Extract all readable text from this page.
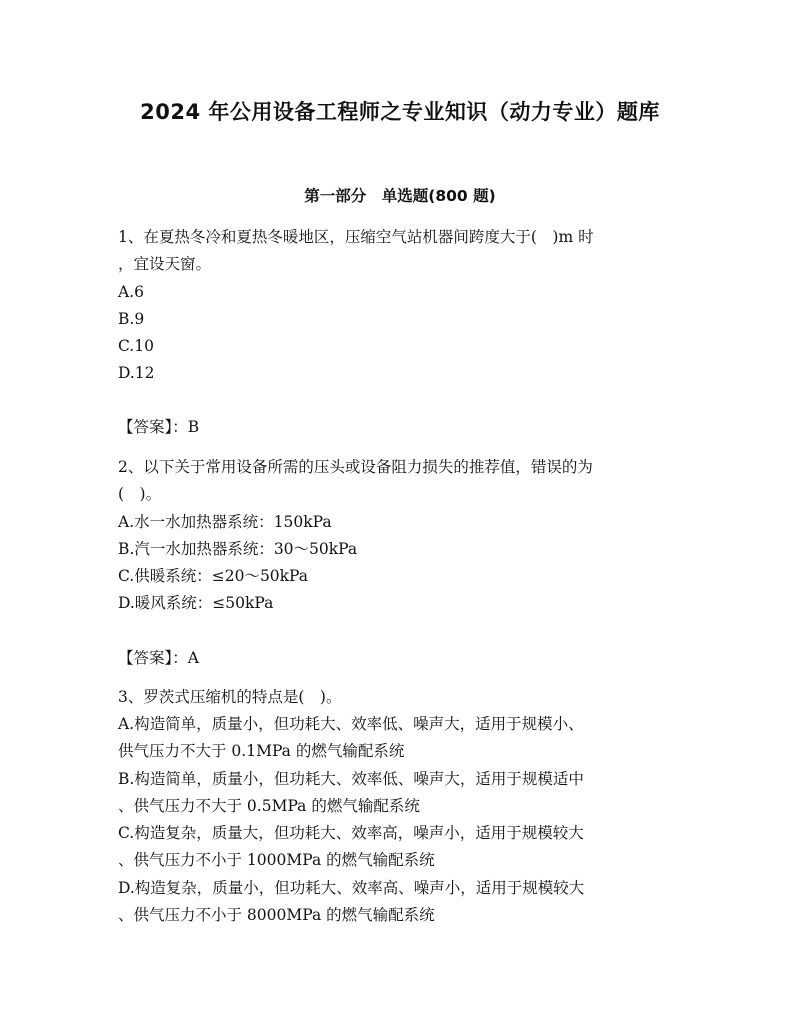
2024 年公用设备工程师之专业知识（动力专业）题库
第一部分　单选题(800 题)
1、在夏热冬冷和夏热冬暖地区，压缩空气站机器间跨度大于(　)m 时
，宜设天窗。
A.6
B.9
C.10
D.12
【答案】：B
2、以下关于常用设备所需的压头或设备阻力损失的推荐值，错误的为
(　)。
A.水一水加热器系统：150kPa
B.汽一水加热器系统：30～50kPa
C.供暖系统：≤20～50kPa
D.暖风系统：≤50kPa
【答案】：A
3、罗茨式压缩机的特点是(　)。
A.构造简单，质量小，但功耗大、效率低、噪声大，适用于规模小、
供气压力不大于 0.1MPa 的燃气输配系统
B.构造简单，质量小，但功耗大、效率低、噪声大，适用于规模适中
、供气压力不大于 0.5MPa 的燃气输配系统
C.构造复杂，质量大，但功耗大、效率高，噪声小，适用于规模较大
、供气压力不小于 1000MPa 的燃气输配系统
D.构造复杂，质量小，但功耗大、效率高、噪声小，适用于规模较大
、供气压力不小于 8000MPa 的燃气输配系统
